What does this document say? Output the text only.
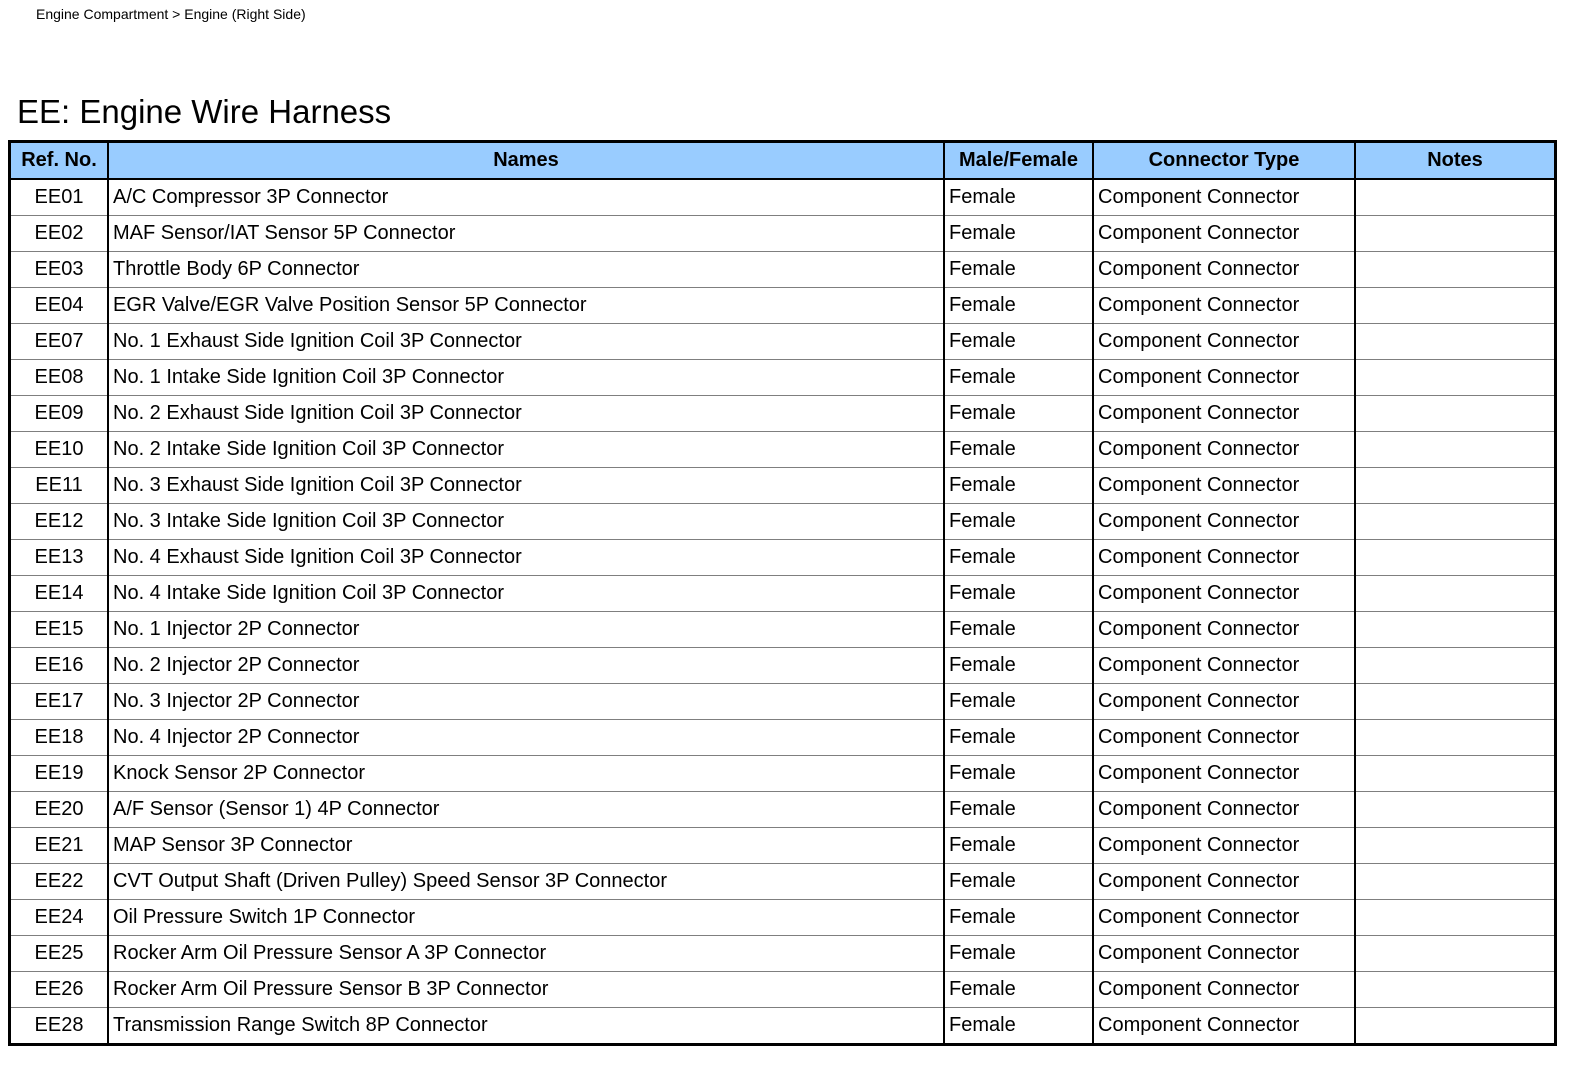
Engine Compartment > Engine (Right Side)
EE: Engine Wire Harness
Ref. No.	Names	Male/Female	Connector Type	Notes
EE01	A/C Compressor 3P Connector	Female	Component Connector	
EE02	MAF Sensor/IAT Sensor 5P Connector	Female	Component Connector	
EE03	Throttle Body 6P Connector	Female	Component Connector	
EE04	EGR Valve/EGR Valve Position Sensor 5P Connector	Female	Component Connector	
EE07	No. 1 Exhaust Side Ignition Coil 3P Connector	Female	Component Connector	
EE08	No. 1 Intake Side Ignition Coil 3P Connector	Female	Component Connector	
EE09	No. 2 Exhaust Side Ignition Coil 3P Connector	Female	Component Connector	
EE10	No. 2 Intake Side Ignition Coil 3P Connector	Female	Component Connector	
EE11	No. 3 Exhaust Side Ignition Coil 3P Connector	Female	Component Connector	
EE12	No. 3 Intake Side Ignition Coil 3P Connector	Female	Component Connector	
EE13	No. 4 Exhaust Side Ignition Coil 3P Connector	Female	Component Connector	
EE14	No. 4 Intake Side Ignition Coil 3P Connector	Female	Component Connector	
EE15	No. 1 Injector 2P Connector	Female	Component Connector	
EE16	No. 2 Injector 2P Connector	Female	Component Connector	
EE17	No. 3 Injector 2P Connector	Female	Component Connector	
EE18	No. 4 Injector 2P Connector	Female	Component Connector	
EE19	Knock Sensor 2P Connector	Female	Component Connector	
EE20	A/F Sensor (Sensor 1) 4P Connector	Female	Component Connector	
EE21	MAP Sensor 3P Connector	Female	Component Connector	
EE22	CVT Output Shaft (Driven Pulley) Speed Sensor 3P Connector	Female	Component Connector	
EE24	Oil Pressure Switch 1P Connector	Female	Component Connector	
EE25	Rocker Arm Oil Pressure Sensor A 3P Connector	Female	Component Connector	
EE26	Rocker Arm Oil Pressure Sensor B 3P Connector	Female	Component Connector	
EE28	Transmission Range Switch 8P Connector	Female	Component Connector	
